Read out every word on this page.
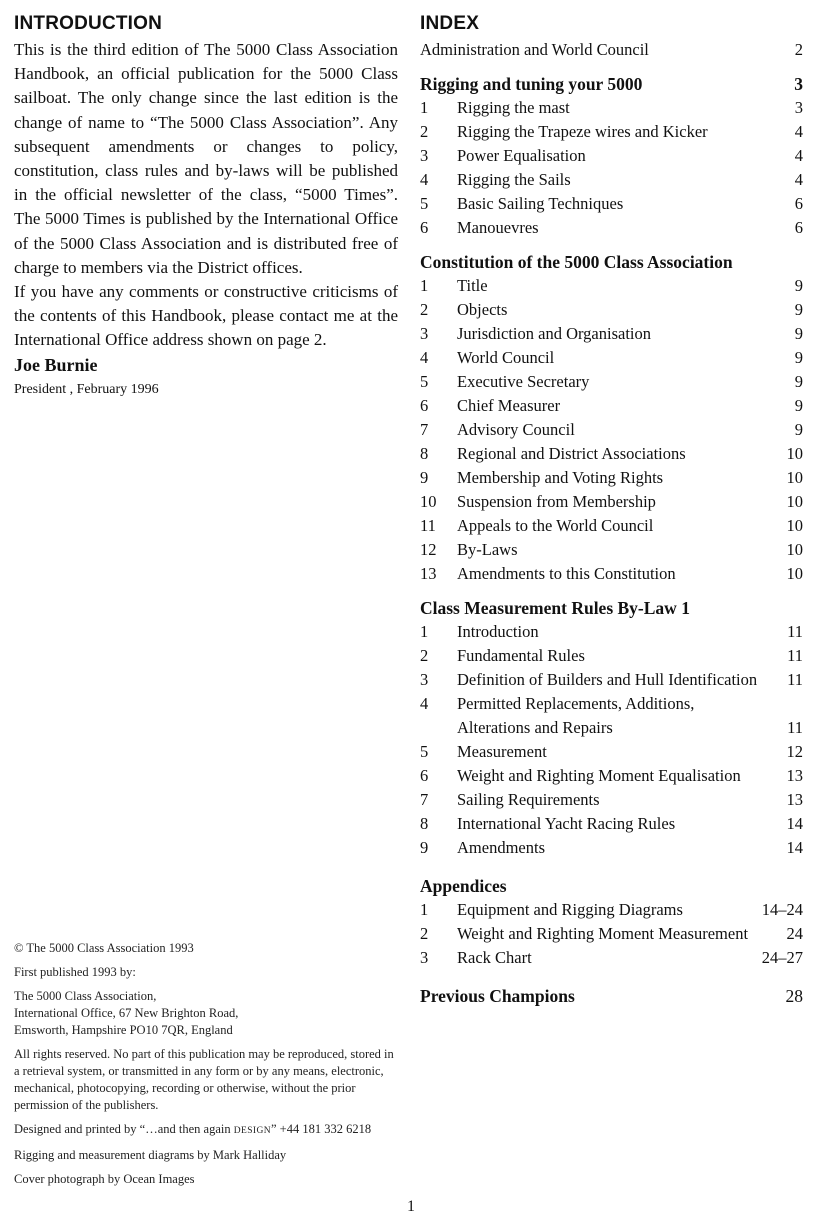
INTRODUCTION

This is the third edition of The 5000 Class Association Handbook, an official publication for the 5000 Class sailboat. The only change since the last edition is the change of name to “The 5000 Class Association”. Any subsequent amendments or changes to policy, constitution, class rules and by-laws will be published in the official newsletter of the class, “5000 Times”. The 5000 Times is published by the International Office of the 5000 Class Association and is distributed free of charge to members via the District offices.

If you have any comments or constructive criticisms of the contents of this Handbook, please contact me at the International Office address shown on page 2.

Joe Burnie

President , February 1996

© The 5000 Class Association 1993

First published 1993 by:

The 5000 Class Association,
International Office, 67 New Brighton Road,
Emsworth, Hampshire PO10 7QR, England

All rights reserved. No part of this publication may be reproduced, stored in a retrieval system, or transmitted in any form or by any means, electronic, mechanical, photocopying, recording or otherwise, without the prior permission of the publishers.

Designed and printed by “…and then again DESIGN” +44 181 332 6218

Rigging and measurement diagrams by Mark Halliday

Cover photograph by Ocean Images

INDEX
Administration and World Council	2
Rigging and tuning your 5000	3
1	Rigging the mast	3
2	Rigging the Trapeze wires and Kicker	4
3	Power Equalisation	4
4	Rigging the Sails	4
5	Basic Sailing Techniques	6
6	Manouevres	6
Constitution of the 5000 Class Association
1	Title	9
2	Objects	9
3	Jurisdiction and Organisation	9
4	World Council	9
5	Executive Secretary	9
6	Chief Measurer	9
7	Advisory Council	9
8	Regional and District Associations	10
9	Membership and Voting Rights	10
10	Suspension from Membership	10
11	Appeals to the World Council	10
12	By-Laws	10
13	Amendments to this Constitution	10
Class Measurement Rules By-Law 1
1	Introduction	11
2	Fundamental Rules	11
3	Definition of Builders and Hull Identification	11
4	Permitted Replacements, Additions,
Alterations and Repairs	11
5	Measurement	12
6	Weight and Righting Moment Equalisation	13
7	Sailing Requirements	13
8	International Yacht Racing Rules	14
9	Amendments	14
Appendices
1	Equipment and Rigging Diagrams	14–24
2	Weight and Righting Moment Measurement	24
3	Rack Chart	24–27
Previous Champions	28
1
